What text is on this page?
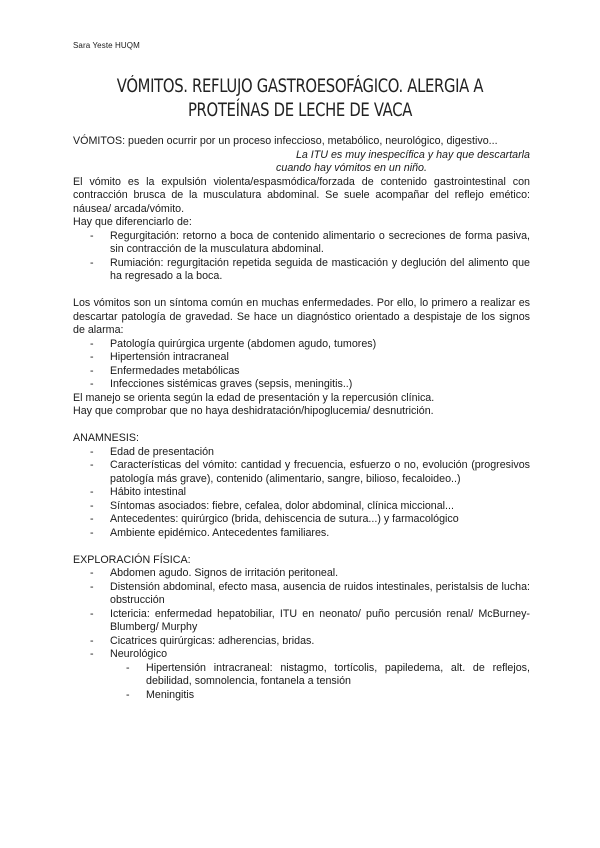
Sara Yeste HUQM
VÓMITOS. REFLUJO GASTROESOFÁGICO. ALERGIA A
PROTEÍNAS DE LECHE DE VACA

VÓMITOS: pueden ocurrir por un proceso infeccioso, metabólico, neurológico, digestivo...

La ITU es muy inespecífica y hay que descartarla

cuando hay vómitos en un niño.

El vómito es la expulsión violenta/espasmódica/forzada de contenido gastrointestinal con contracción brusca de la musculatura abdominal. Se suele acompañar del reflejo emético: náusea/ arcada/vómito.

Hay que diferenciarlo de:

- Regurgitación: retorno a boca de contenido alimentario o secreciones de forma pasiva, sin contracción de la musculatura abdominal.
- Rumiación: regurgitación repetida seguida de masticación y deglución del alimento que ha regresado a la boca.

Los vómitos son un síntoma común en muchas enfermedades. Por ello, lo primero a realizar es descartar patología de gravedad. Se hace un diagnóstico orientado a despistaje de los signos de alarma:

- Patología quirúrgica urgente (abdomen agudo, tumores)
- Hipertensión intracraneal
- Enfermedades metabólicas
- Infecciones sistémicas graves (sepsis, meningitis..)

El manejo se orienta según la edad de presentación y la repercusión clínica.

Hay que comprobar que no haya deshidratación/hipoglucemia/ desnutrición.

ANAMNESIS:

- Edad de presentación
- Características del vómito: cantidad y frecuencia, esfuerzo o no, evolución (progresivos patología más grave), contenido (alimentario, sangre, bilioso, fecaloideo..)
- Hábito intestinal
- Síntomas asociados: fiebre, cefalea, dolor abdominal, clínica miccional...
- Antecedentes: quirúrgico (brida, dehiscencia de sutura...) y farmacológico
- Ambiente epidémico. Antecedentes familiares.

EXPLORACIÓN FÍSICA:

- Abdomen agudo. Signos de irritación peritoneal.
- Distensión abdominal, efecto masa, ausencia de ruidos intestinales, peristalsis de lucha: obstrucción
- Ictericia: enfermedad hepatobiliar, ITU en neonato/ puño percusión renal/ McBurney-Blumberg/ Murphy
- Cicatrices quirúrgicas: adherencias, bridas.
- Neurológico
- Hipertensión intracraneal: nistagmo, tortícolis, papiledema, alt. de reflejos, debilidad, somnolencia, fontanela a tensión
- Meningitis
